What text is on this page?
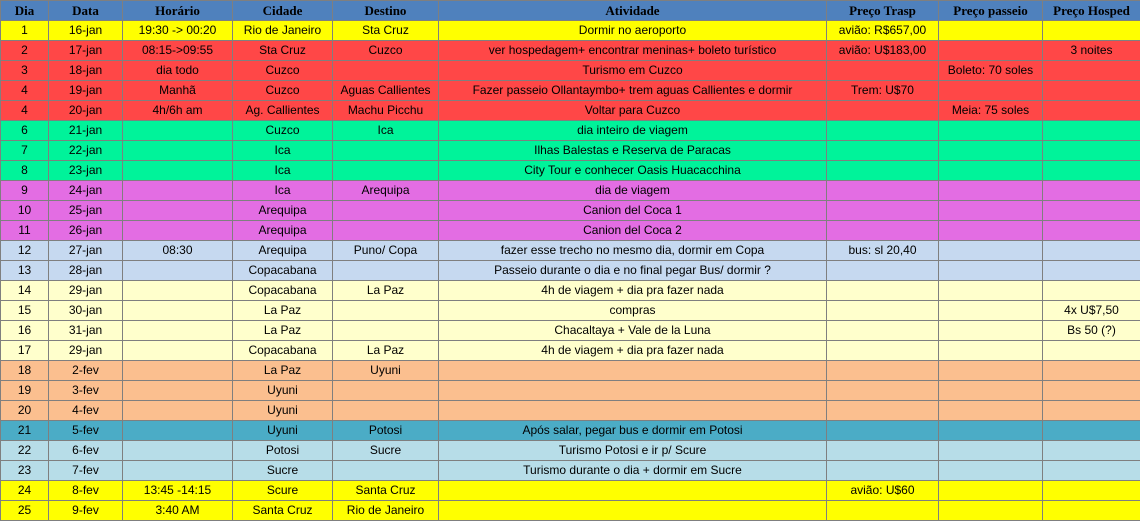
Dia	Data	Horário	Cidade	Destino	Atividade	Preço Trasp	Preço passeio	Preço Hosped
1	16-jan	19:30 -> 00:20	Rio de Janeiro	Sta Cruz	Dormir no aeroporto	avião: R$657,00		
2	17-jan	08:15->09:55	Sta Cruz	Cuzco	ver hospedagem+ encontrar meninas+ boleto turístico	avião: U$183,00		3 noites
3	18-jan	dia todo	Cuzco		Turismo em Cuzco		Boleto: 70 soles	
4	19-jan	Manhã	Cuzco	Aguas Callientes	Fazer passeio Ollantaymbo+ trem aguas Callientes e dormir	Trem: U$70		
4	20-jan	4h/6h am	Ag. Callientes	Machu Picchu	Voltar para Cuzco		Meia: 75 soles	
6	21-jan		Cuzco	Ica	dia inteiro de viagem			
7	22-jan		Ica		Ilhas Balestas e Reserva de Paracas			
8	23-jan		Ica		City Tour e conhecer Oasis Huacacchina			
9	24-jan		Ica	Arequipa	dia de viagem			
10	25-jan		Arequipa		Canion del Coca 1			
11	26-jan		Arequipa		Canion del Coca 2			
12	27-jan	08:30	Arequipa	Puno/ Copa	fazer esse trecho no mesmo dia, dormir em Copa	bus: sl 20,40		
13	28-jan		Copacabana		Passeio durante o dia e no final pegar Bus/ dormir ?			
14	29-jan		Copacabana	La Paz	4h de viagem + dia pra fazer nada			
15	30-jan		La Paz		compras			4x U$7,50
16	31-jan		La Paz		Chacaltaya + Vale de la Luna			Bs 50 (?)
17	29-jan		Copacabana	La Paz	4h de viagem + dia pra fazer nada			
18	2-fev		La Paz	Uyuni				
19	3-fev		Uyuni					
20	4-fev		Uyuni					
21	5-fev		Uyuni	Potosi	Após salar, pegar bus e dormir em Potosi			
22	6-fev		Potosi	Sucre	Turismo Potosi e ir p/ Scure			
23	7-fev		Sucre		Turismo durante o dia + dormir em Sucre			
24	8-fev	13:45 -14:15	Scure	Santa Cruz		avião: U$60		
25	9-fev	3:40 AM	Santa Cruz	Rio de Janeiro				
